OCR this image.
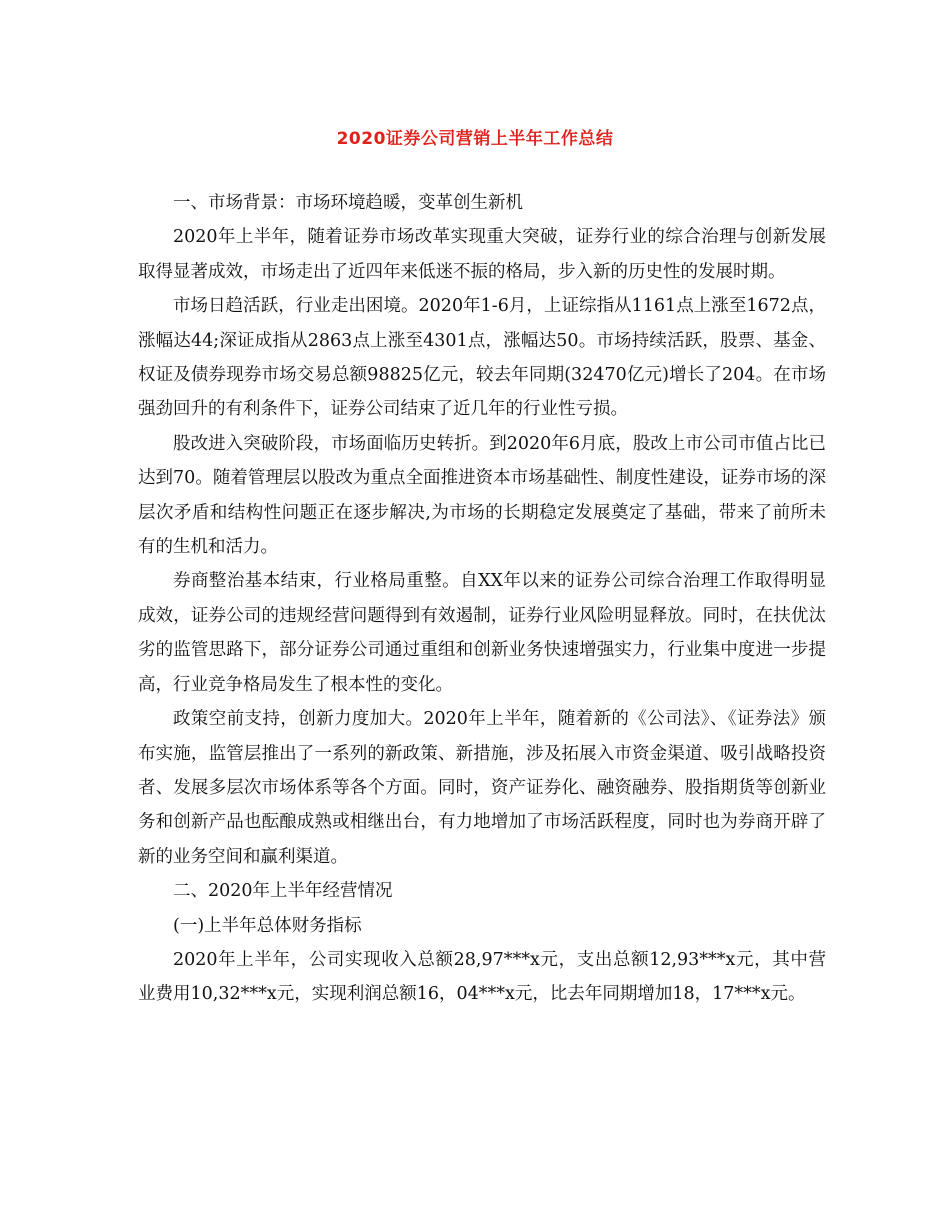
2020证券公司营销上半年工作总结

一、市场背景：市场环境趋暖，变革创生新机

2020年上半年，随着证券市场改革实现重大突破，证券行业的综合治理与创新发展取得显著成效，市场走出了近四年来低迷不振的格局，步入新的历史性的发展时期。

市场日趋活跃，行业走出困境。2020年1-6月，上证综指从1161点上涨至1672点，涨幅达44;深证成指从2863点上涨至4301点，涨幅达50。市场持续活跃，股票、基金、权证及债券现券市场交易总额98825亿元，较去年同期(32470亿元)增长了204。在市场强劲回升的有利条件下，证券公司结束了近几年的行业性亏损。

股改进入突破阶段，市场面临历史转折。到2020年6月底，股改上市公司市值占比已达到70。随着管理层以股改为重点全面推进资本市场基础性、制度性建设，证券市场的深层次矛盾和结构性问题正在逐步解决,为市场的长期稳定发展奠定了基础，带来了前所未有的生机和活力。

券商整治基本结束，行业格局重整。自XX年以来的证券公司综合治理工作取得明显成效，证券公司的违规经营问题得到有效遏制，证券行业风险明显释放。同时，在扶优汰劣的监管思路下，部分证券公司通过重组和创新业务快速增强实力，行业集中度进一步提高，行业竞争格局发生了根本性的变化。

政策空前支持，创新力度加大。2020年上半年，随着新的《公司法》、《证券法》颁布实施，监管层推出了一系列的新政策、新措施，涉及拓展入市资金渠道、吸引战略投资者、发展多层次市场体系等各个方面。同时，资产证券化、融资融券、股指期货等创新业务和创新产品也酝酿成熟或相继出台，有力地增加了市场活跃程度，同时也为券商开辟了新的业务空间和赢利渠道。

二、2020年上半年经营情况

(一)上半年总体财务指标

2020年上半年，公司实现收入总额28,97***x元，支出总额12,93***x元，其中营业费用10,32***x元，实现利润总额16，04***x元，比去年同期增加18，17***x元。
